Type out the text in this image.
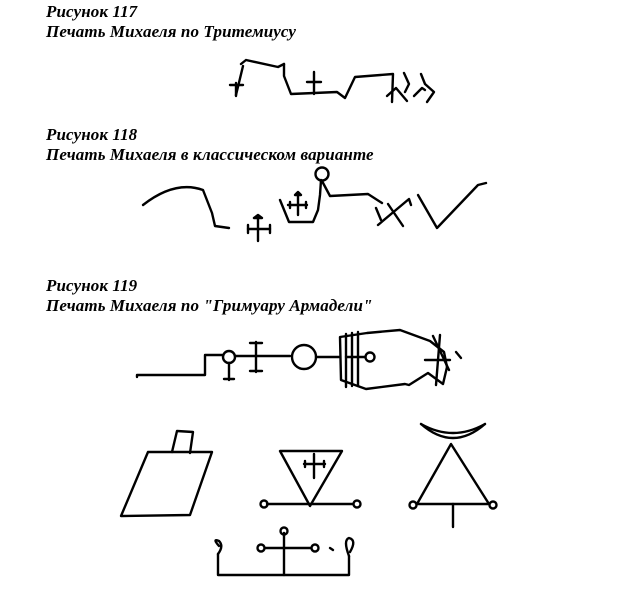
Рисунок 117
Печать Михаеля по Тритемиусу
Рисунок 118
Печать Михаеля в классическом варианте
Рисунок 119
Печать Михаеля по "Гримуару Армадели"
